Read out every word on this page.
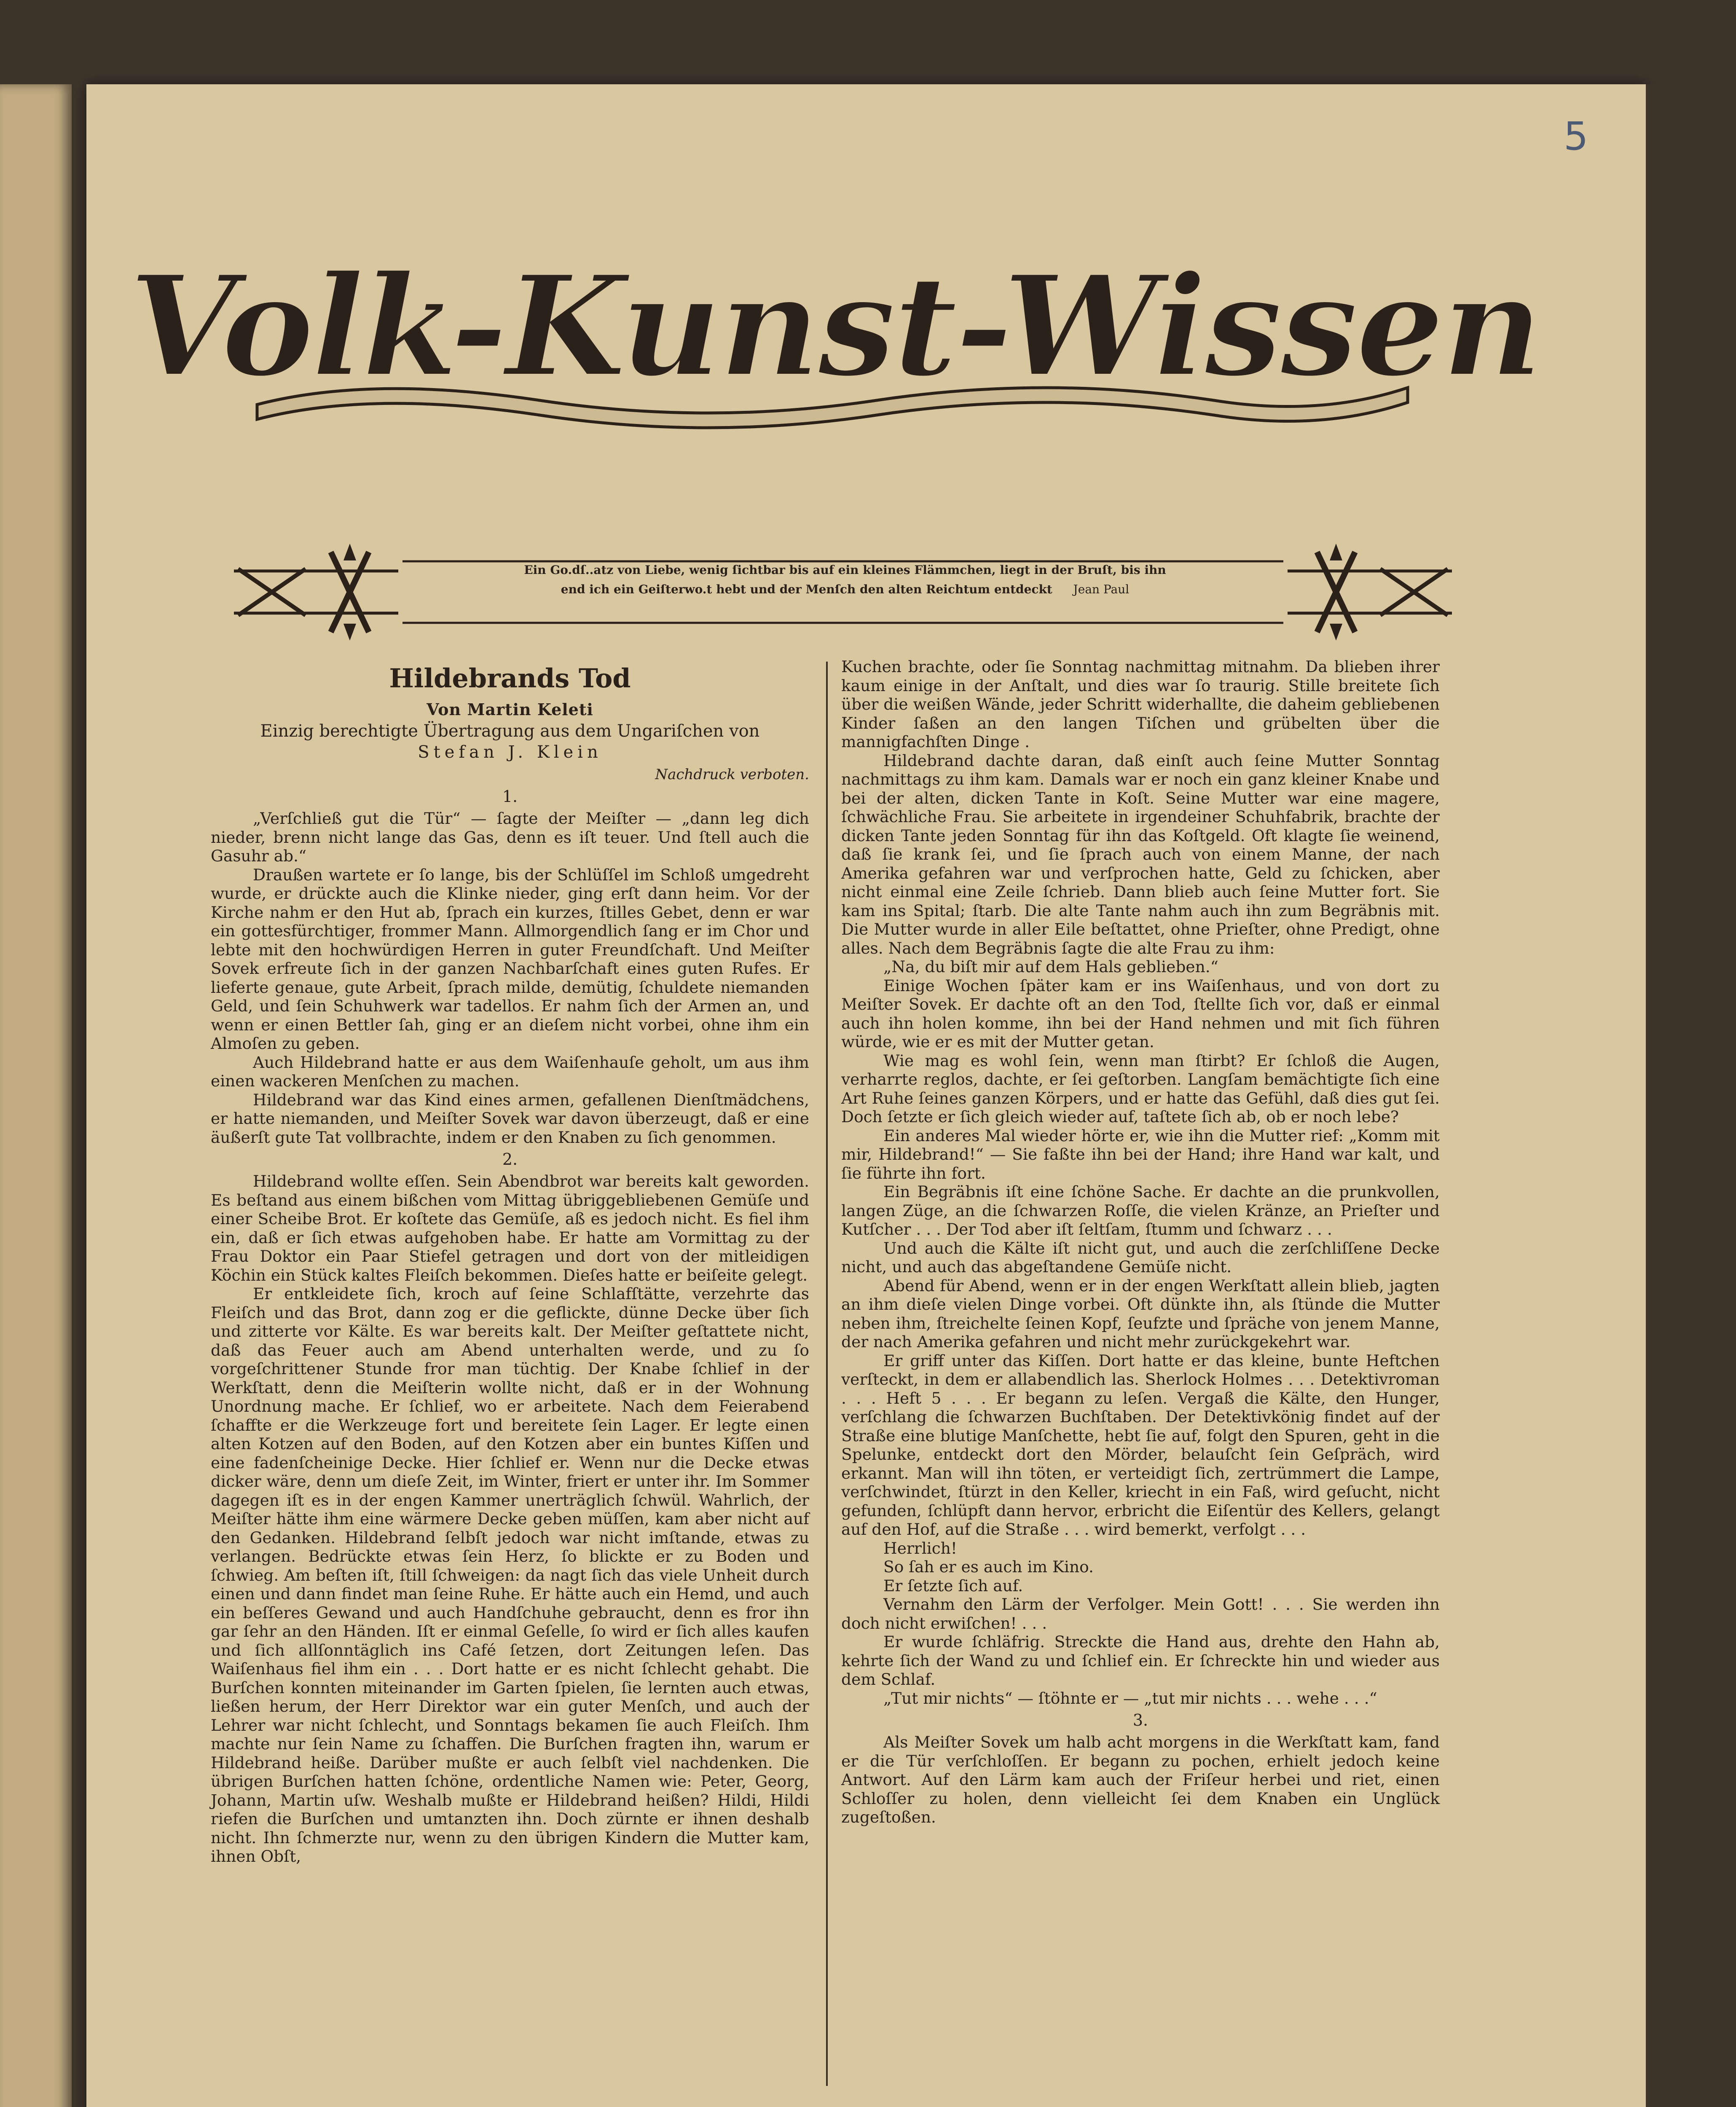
5
Volk-Kunst-Wissen
Ein Go.dſ..atz von Liebe, wenig ſichtbar bis auf ein kleines Flämmchen, liegt in der Bruſt, bis ihn
end ich ein Geiſterwo.t hebt und der Menſch den alten Reichtum entdeckt Jean Paul
Hildebrands Tod
Von Martin Keleti
Einzig berechtigte Übertragung aus dem Ungariſchen von
Stefan J. Klein
Nachdruck verboten.
1.

„Verſchließ gut die Tür“ — ſagte der Meiſter — „dann leg dich nieder, brenn nicht lange das Gas, denn es iſt teuer. Und ſtell auch die Gasuhr ab.“

Draußen wartete er ſo lange, bis der Schlüſſel im Schloß umgedreht wurde, er drückte auch die Klinke nieder, ging erſt dann heim. Vor der Kirche nahm er den Hut ab, ſprach ein kurzes, ſtilles Gebet, denn er war ein gottesfürchtiger, frommer Mann. Allmorgendlich ſang er im Chor und lebte mit den hochwürdigen Herren in guter Freundſchaft. Und Meiſter Sovek erfreute ſich in der ganzen Nachbarſchaft eines guten Rufes. Er lieferte genaue, gute Arbeit, ſprach milde, demütig, ſchuldete niemanden Geld, und ſein Schuhwerk war tadellos. Er nahm ſich der Armen an, und wenn er einen Bettler ſah, ging er an dieſem nicht vorbei, ohne ihm ein Almoſen zu geben.

Auch Hildebrand hatte er aus dem Waiſenhauſe geholt, um aus ihm einen wackeren Menſchen zu machen.

Hildebrand war das Kind eines armen, gefallenen Dienſtmädchens, er hatte niemanden, und Meiſter Sovek war davon überzeugt, daß er eine äußerſt gute Tat vollbrachte, indem er den Knaben zu ſich genommen.

2.

Hildebrand wollte eſſen. Sein Abendbrot war bereits kalt geworden. Es beſtand aus einem bißchen vom Mittag übriggebliebenen Gemüſe und einer Scheibe Brot. Er koſtete das Gemüſe, aß es jedoch nicht. Es fiel ihm ein, daß er ſich etwas aufgehoben habe. Er hatte am Vormittag zu der Frau Doktor ein Paar Stiefel getragen und dort von der mitleidigen Köchin ein Stück kaltes Fleiſch bekommen. Dieſes hatte er beiſeite gelegt.

Er entkleidete ſich, kroch auf ſeine Schlafſtätte, verzehrte das Fleiſch und das Brot, dann zog er die geflickte, dünne Decke über ſich und zitterte vor Kälte. Es war bereits kalt. Der Meiſter geſtattete nicht, daß das Feuer auch am Abend unterhalten werde, und zu ſo vorgeſchrittener Stunde fror man tüchtig. Der Knabe ſchlief in der Werkſtatt, denn die Meiſterin wollte nicht, daß er in der Wohnung Unordnung mache. Er ſchlief, wo er arbeitete. Nach dem Feierabend ſchaffte er die Werkzeuge fort und bereitete ſein Lager. Er legte einen alten Kotzen auf den Boden, auf den Kotzen aber ein buntes Kiſſen und eine fadenſcheinige Decke. Hier ſchlief er. Wenn nur die Decke etwas dicker wäre, denn um dieſe Zeit, im Winter, friert er unter ihr. Im Sommer dagegen iſt es in der engen Kammer unerträglich ſchwül. Wahrlich, der Meiſter hätte ihm eine wärmere Decke geben müſſen, kam aber nicht auf den Gedanken. Hildebrand ſelbſt jedoch war nicht imſtande, etwas zu verlangen. Bedrückte etwas ſein Herz, ſo blickte er zu Boden und ſchwieg. Am beſten iſt, ſtill ſchweigen: da nagt ſich das viele Unheit durch einen und dann findet man ſeine Ruhe. Er hätte auch ein Hemd, und auch ein beſſeres Gewand und auch Handſchuhe gebraucht, denn es fror ihn gar ſehr an den Händen. Iſt er einmal Geſelle, ſo wird er ſich alles kaufen und ſich allſonntäglich ins Café ſetzen, dort Zeitungen leſen. Das Waiſenhaus fiel ihm ein . . . Dort hatte er es nicht ſchlecht gehabt. Die Burſchen konnten miteinander im Garten ſpielen, ſie lernten auch etwas, ließen herum, der Herr Direktor war ein guter Menſch, und auch der Lehrer war nicht ſchlecht, und Sonntags bekamen ſie auch Fleiſch. Ihm machte nur ſein Name zu ſchaffen. Die Burſchen fragten ihn, warum er Hildebrand heiße. Darüber mußte er auch ſelbſt viel nachdenken. Die übrigen Burſchen hatten ſchöne, ordentliche Namen wie: Peter, Georg, Johann, Martin uſw. Weshalb mußte er Hildebrand heißen? Hildi, Hildi riefen die Burſchen und umtanzten ihn. Doch zürnte er ihnen deshalb nicht. Ihn ſchmerzte nur, wenn zu den übrigen Kindern die Mutter kam, ihnen Obſt,

Kuchen brachte, oder ſie Sonntag nachmittag mitnahm. Da blieben ihrer kaum einige in der Anſtalt, und dies war ſo traurig. Stille breitete ſich über die weißen Wände, jeder Schritt widerhallte, die daheim gebliebenen Kinder ſaßen an den langen Tiſchen und grübelten über die mannigfachſten Dinge .

Hildebrand dachte daran, daß einſt auch ſeine Mutter Sonntag nachmittags zu ihm kam. Damals war er noch ein ganz kleiner Knabe und bei der alten, dicken Tante in Koſt. Seine Mutter war eine magere, ſchwächliche Frau. Sie arbeitete in irgendeiner Schuhfabrik, brachte der dicken Tante jeden Sonntag für ihn das Koſtgeld. Oft klagte ſie weinend, daß ſie krank ſei, und ſie ſprach auch von einem Manne, der nach Amerika gefahren war und verſprochen hatte, Geld zu ſchicken, aber nicht einmal eine Zeile ſchrieb. Dann blieb auch ſeine Mutter fort. Sie kam ins Spital; ſtarb. Die alte Tante nahm auch ihn zum Begräbnis mit. Die Mutter wurde in aller Eile beſtattet, ohne Prieſter, ohne Predigt, ohne alles. Nach dem Begräbnis ſagte die alte Frau zu ihm:

„Na, du biſt mir auf dem Hals geblieben.“

Einige Wochen ſpäter kam er ins Waiſenhaus, und von dort zu Meiſter Sovek. Er dachte oft an den Tod, ſtellte ſich vor, daß er einmal auch ihn holen komme, ihn bei der Hand nehmen und mit ſich führen würde, wie er es mit der Mutter getan.

Wie mag es wohl ſein, wenn man ſtirbt? Er ſchloß die Augen, verharrte reglos, dachte, er ſei geſtorben. Langſam bemächtigte ſich eine Art Ruhe ſeines ganzen Körpers, und er hatte das Gefühl, daß dies gut ſei. Doch ſetzte er ſich gleich wieder auf, taſtete ſich ab, ob er noch lebe?

Ein anderes Mal wieder hörte er, wie ihn die Mutter rief: „Komm mit mir, Hildebrand!“ — Sie faßte ihn bei der Hand; ihre Hand war kalt, und ſie führte ihn fort.

Ein Begräbnis iſt eine ſchöne Sache. Er dachte an die prunkvollen, langen Züge, an die ſchwarzen Roſſe, die vielen Kränze, an Prieſter und Kutſcher . . . Der Tod aber iſt ſeltſam, ſtumm und ſchwarz . . .

Und auch die Kälte iſt nicht gut, und auch die zerſchliſſene Decke nicht, und auch das abgeſtandene Gemüſe nicht.

Abend für Abend, wenn er in der engen Werkſtatt allein blieb, jagten an ihm dieſe vielen Dinge vorbei. Oft dünkte ihn, als ſtünde die Mutter neben ihm, ſtreichelte ſeinen Kopf, ſeufzte und ſpräche von jenem Manne, der nach Amerika gefahren und nicht mehr zurückgekehrt war.

Er griff unter das Kiſſen. Dort hatte er das kleine, bunte Heftchen verſteckt, in dem er allabendlich las. Sherlock Holmes . . . Detektivroman . . . Heft 5 . . . Er begann zu leſen. Vergaß die Kälte, den Hunger, verſchlang die ſchwarzen Buchſtaben. Der Detektivkönig findet auf der Straße eine blutige Manſchette, hebt ſie auf, folgt den Spuren, geht in die Spelunke, entdeckt dort den Mörder, belauſcht ſein Geſpräch, wird erkannt. Man will ihn töten, er verteidigt ſich, zertrümmert die Lampe, verſchwindet, ſtürzt in den Keller, kriecht in ein Faß, wird geſucht, nicht gefunden, ſchlüpft dann hervor, erbricht die Eiſentür des Kellers, gelangt auf den Hof, auf die Straße . . . wird bemerkt, verfolgt . . .

Herrlich!

So ſah er es auch im Kino.

Er ſetzte ſich auf.

Vernahm den Lärm der Verfolger. Mein Gott! . . . Sie werden ihn doch nicht erwiſchen! . . .

Er wurde ſchläfrig. Streckte die Hand aus, drehte den Hahn ab, kehrte ſich der Wand zu und ſchlief ein. Er ſchreckte hin und wieder aus dem Schlaf.

„Tut mir nichts“ — ſtöhnte er — „tut mir nichts . . . wehe . . .“

3.

Als Meiſter Sovek um halb acht morgens in die Werkſtatt kam, fand er die Tür verſchloſſen. Er begann zu pochen, erhielt jedoch keine Antwort. Auf den Lärm kam auch der Friſeur herbei und riet, einen Schloſſer zu holen, denn vielleicht ſei dem Knaben ein Unglück zugeſtoßen.
